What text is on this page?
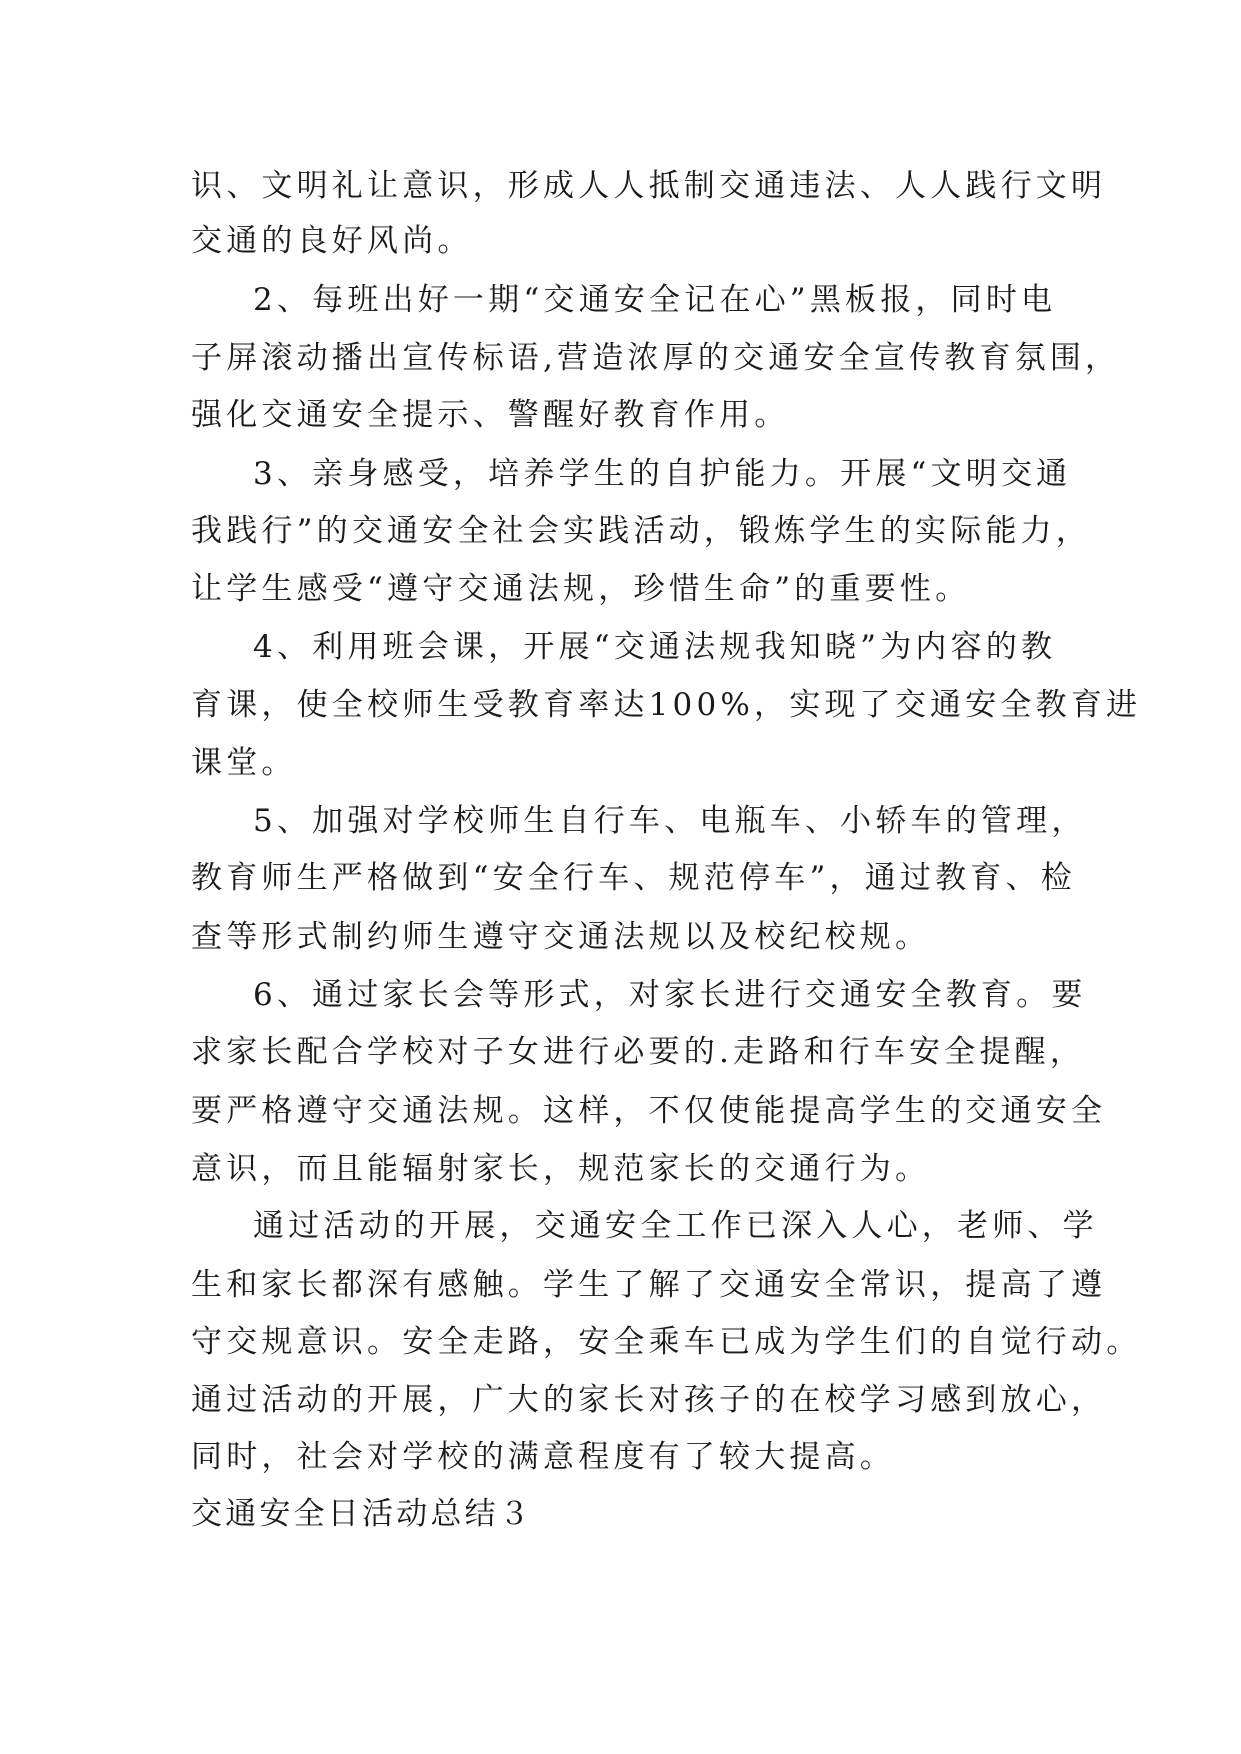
识、文明礼让意识，形成人人抵制交通违法、人人践行文明
交通的良好风尚。
2、每班出好一期“交通安全记在心”黑板报，同时电
子屏滚动播出宣传标语,营造浓厚的交通安全宣传教育氛围，
强化交通安全提示、警醒好教育作用。
3、亲身感受，培养学生的自护能力。开展“文明交通
我践行”的交通安全社会实践活动，锻炼学生的实际能力，
让学生感受“遵守交通法规，珍惜生命”的重要性。
4、利用班会课，开展“交通法规我知晓”为内容的教
育课，使全校师生受教育率达100%，实现了交通安全教育进
课堂。
5、加强对学校师生自行车、电瓶车、小轿车的管理，
教育师生严格做到“安全行车、规范停车”，通过教育、检
查等形式制约师生遵守交通法规以及校纪校规。
6、通过家长会等形式，对家长进行交通安全教育。要
求家长配合学校对子女进行必要的.走路和行车安全提醒，
要严格遵守交通法规。这样，不仅使能提高学生的交通安全
意识，而且能辐射家长，规范家长的交通行为。
通过活动的开展，交通安全工作已深入人心，老师、学
生和家长都深有感触。学生了解了交通安全常识，提高了遵
守交规意识。安全走路，安全乘车已成为学生们的自觉行动。
通过活动的开展，广大的家长对孩子的在校学习感到放心，
同时，社会对学校的满意程度有了较大提高。
交通安全日活动总结３
